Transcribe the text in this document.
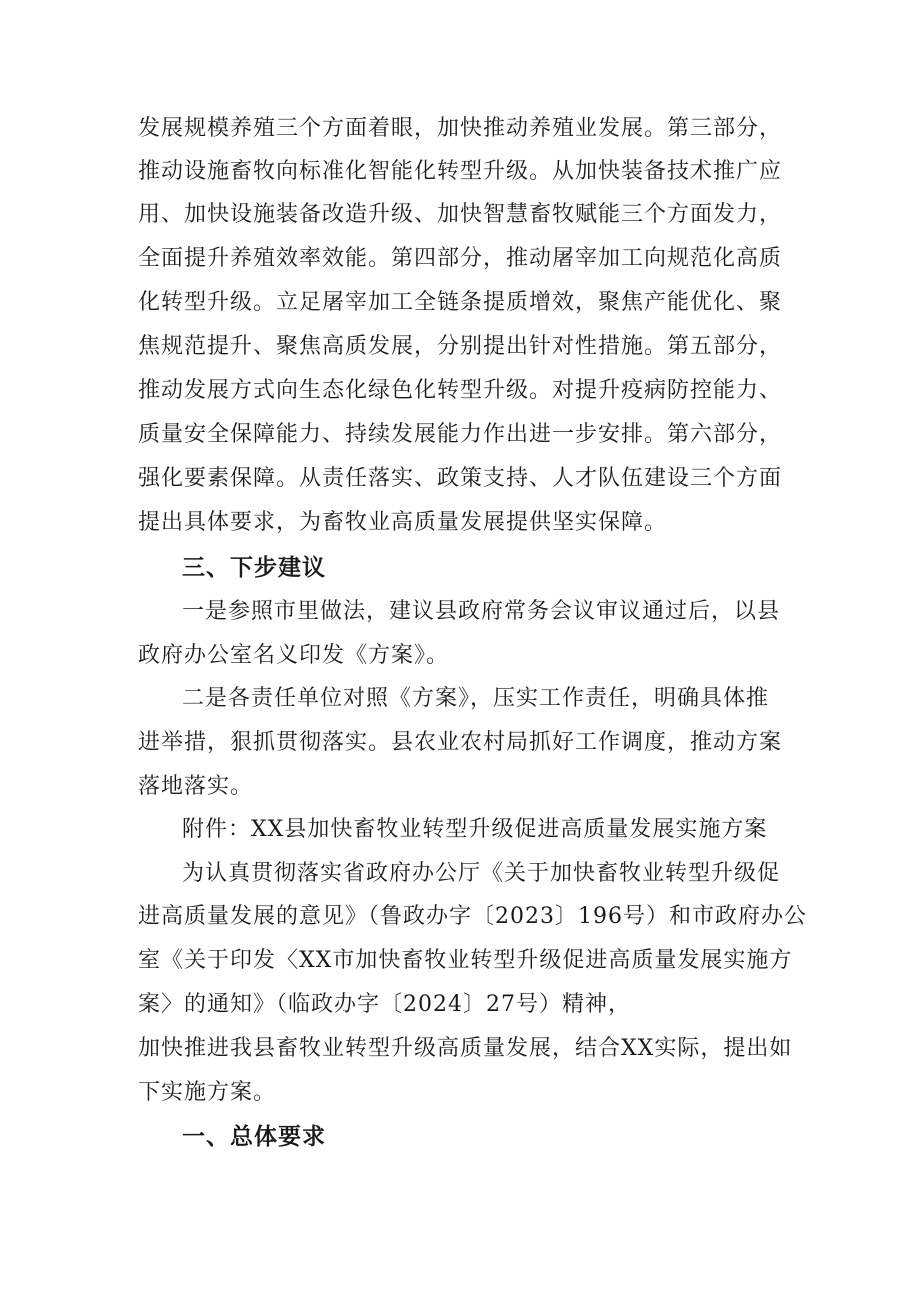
发展规模养殖三个方面着眼，加快推动养殖业发展。第三部分，
推动设施畜牧向标准化智能化转型升级。从加快装备技术推广应
用、加快设施装备改造升级、加快智慧畜牧赋能三个方面发力，
全面提升养殖效率效能。第四部分，推动屠宰加工向规范化高质
化转型升级。立足屠宰加工全链条提质增效，聚焦产能优化、聚
焦规范提升、聚焦高质发展，分别提出针对性措施。第五部分，
推动发展方式向生态化绿色化转型升级。对提升疫病防控能力、
质量安全保障能力、持续发展能力作出进一步安排。第六部分，
强化要素保障。从责任落实、政策支持、人才队伍建设三个方面
提出具体要求，为畜牧业高质量发展提供坚实保障。
三、下步建议
一是参照市里做法，建议县政府常务会议审议通过后，以县
政府办公室名义印发《方案》。
二是各责任单位对照《方案》，压实工作责任，明确具体推
进举措，狠抓贯彻落实。县农业农村局抓好工作调度，推动方案
落地落实。
附件：XX县加快畜牧业转型升级促进高质量发展实施方案
为认真贯彻落实省政府办公厅《关于加快畜牧业转型升级促
进高质量发展的意见》（鲁政办字〔2023〕196号）和市政府办公
室《关于印发〈XX市加快畜牧业转型升级促进高质量发展实施方
案〉的通知》（临政办字〔2024〕27号）精神，
加快推进我县畜牧业转型升级高质量发展，结合XX实际，提出如
下实施方案。
一、总体要求
